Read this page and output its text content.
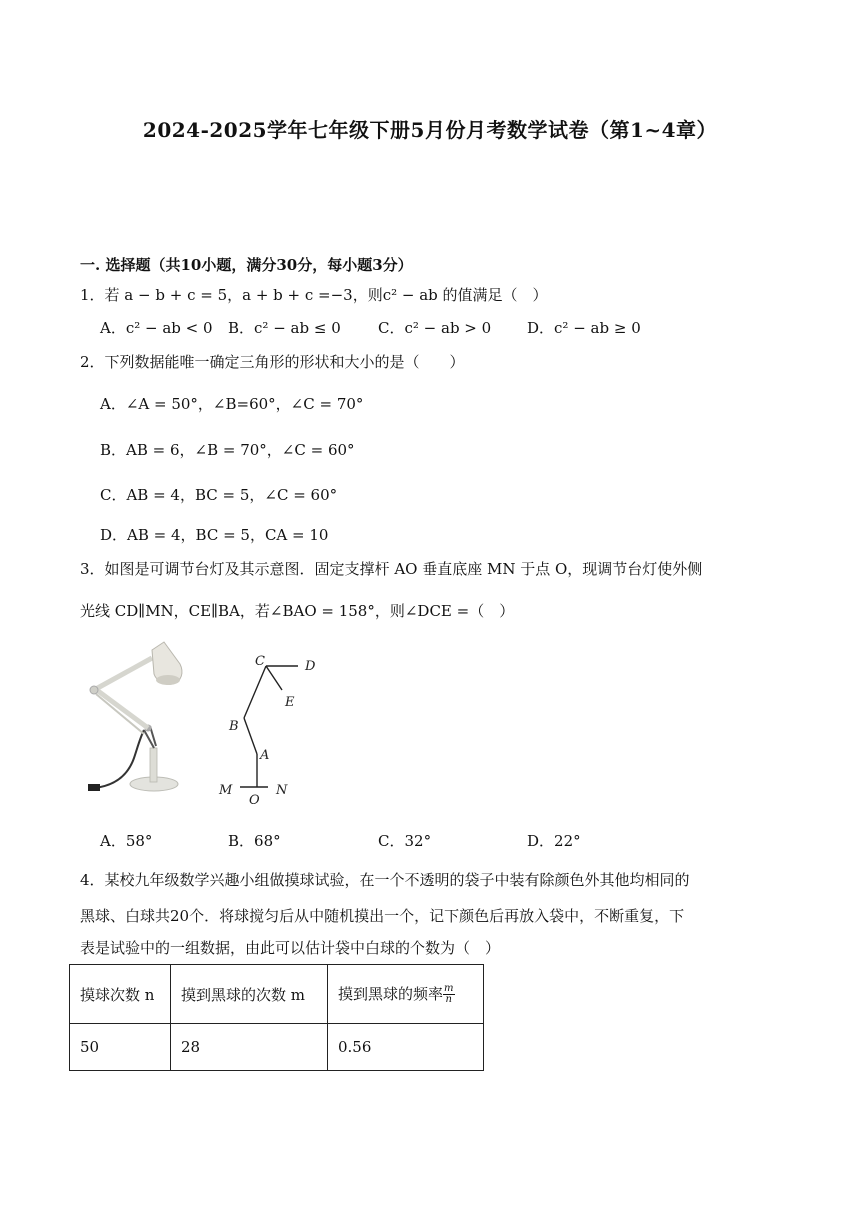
2024-2025学年七年级下册5月份月考数学试卷（第1~4章）
一. 选择题（共10小题，满分30分，每小题3分）
1．若 a − b + c = 5，a + b + c =−3，则c² − ab 的值满足（　）
A．c² − ab < 0 B．c² − ab ≤ 0 C．c² − ab > 0 D．c² − ab ≥ 0
2．下列数据能唯一确定三角形的形状和大小的是（　　）
A．∠A = 50°，∠B=60°，∠C = 70°
B．AB = 6，∠B = 70°，∠C = 60°
C．AB = 4，BC = 5，∠C = 60°
D．AB = 4，BC = 5，CA = 10
3．如图是可调节台灯及其示意图．固定支撑杆 AO 垂直底座 MN 于点 O，现调节台灯使外侧
光线 CD∥MN，CE∥BA，若∠BAO = 158°，则∠DCE =（　）
C	D
E
B
A
M
O
N
A．58°	B．68°	C．32°	D．22°
4．某校九年级数学兴趣小组做摸球试验，在一个不透明的袋子中装有除颜色外其他均相同的
黑球、白球共20个．将球搅匀后从中随机摸出一个，记下颜色后再放入袋中，不断重复，下
表是试验中的一组数据，由此可以估计袋中白球的个数为（　）
摸球次数 n	摸到黑球的次数 m	摸到黑球的频率 $\frac{m}{n}$

50	28	0.56
